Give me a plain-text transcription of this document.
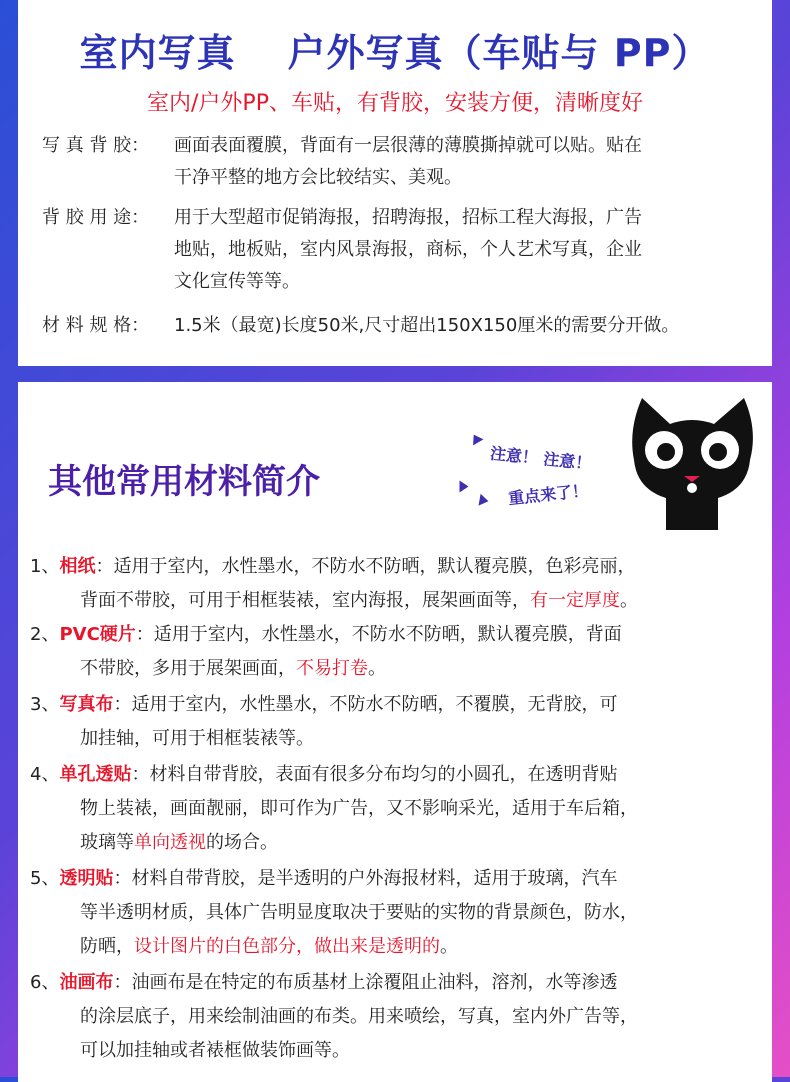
室内写真 户外写真（车贴与 PP）
室内/户外PP、车贴，有背胶，安装方便，清晰度好
写 真 背 胶：	画面表面覆膜，背面有一层很薄的薄膜撕掉就可以贴。贴在
干净平整的地方会比较结实、美观。
背 胶 用 途：	用于大型超市促销海报，招聘海报，招标工程大海报，广告
地贴，地板贴，室内风景海报，商标，个人艺术写真，企业
文化宣传等等。
材 料 规 格：	1.5米（最宽)长度50米,尺寸超出150X150厘米的需要分开做。
其他常用材料简介
注意！ 注意！
重点来了！
1、相纸：适用于室内，水性墨水，不防水不防晒，默认覆亮膜，色彩亮丽，
背面不带胶，可用于相框装裱，室内海报，展架画面等，有一定厚度。
2、PVC硬片：适用于室内，水性墨水，不防水不防晒，默认覆亮膜，背面
不带胶，多用于展架画面，不易打卷。
3、写真布：适用于室内，水性墨水，不防水不防晒，不覆膜，无背胶，可
加挂轴，可用于相框装裱等。
4、单孔透贴：材料自带背胶，表面有很多分布均匀的小圆孔，在透明背贴
物上装裱，画面靓丽，即可作为广告，又不影响采光，适用于车后箱，
玻璃等单向透视的场合。
5、透明贴：材料自带背胶，是半透明的户外海报材料，适用于玻璃，汽车
等半透明材质，具体广告明显度取决于要贴的实物的背景颜色，防水，
防晒，设计图片的白色部分，做出来是透明的。
6、油画布：油画布是在特定的布质基材上涂覆阻止油料，溶剂，水等渗透
的涂层底子，用来绘制油画的布类。用来喷绘，写真，室内外广告等，
可以加挂轴或者裱框做装饰画等。
